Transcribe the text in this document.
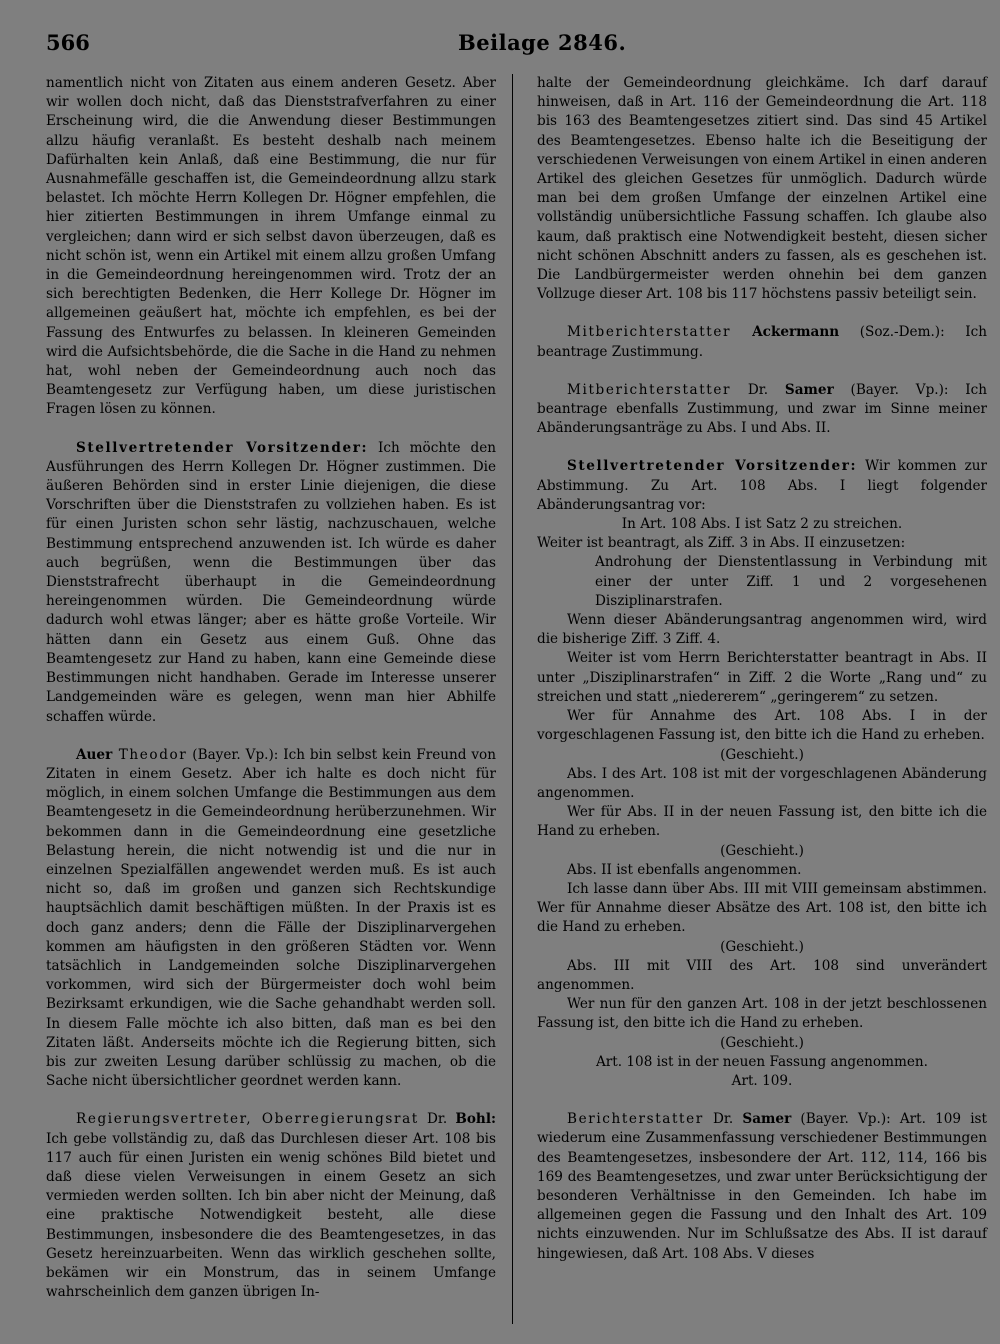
566	Beilage 2846.

namentlich nicht von Zitaten aus einem anderen Gesetz. Aber wir wollen doch nicht, daß das Dienststrafverfahren zu einer Erscheinung wird, die die Anwendung dieser Bestimmungen allzu häufig veranlaßt. Es besteht deshalb nach meinem Dafürhalten kein Anlaß, daß eine Bestimmung, die nur für Ausnahmefälle geschaffen ist, die Gemeindeordnung allzu stark belastet. Ich möchte Herrn Kollegen Dr. Högner empfehlen, die hier zitierten Bestimmungen in ihrem Umfange einmal zu vergleichen; dann wird er sich selbst davon überzeugen, daß es nicht schön ist, wenn ein Artikel mit einem allzu großen Umfang in die Gemeindeordnung hereingenommen wird. Trotz der an sich berechtigten Bedenken, die Herr Kollege Dr. Högner im allgemeinen geäußert hat, möchte ich empfehlen, es bei der Fassung des Entwurfes zu belassen. In kleineren Gemeinden wird die Aufsichtsbehörde, die die Sache in die Hand zu nehmen hat, wohl neben der Gemeindeordnung auch noch das Beamtengesetz zur Verfügung haben, um diese juristischen Fragen lösen zu können.

Stellvertretender Vorsitzender: Ich möchte den Ausführungen des Herrn Kollegen Dr. Högner zustimmen. Die äußeren Behörden sind in erster Linie diejenigen, die diese Vorschriften über die Dienststrafen zu vollziehen haben. Es ist für einen Juristen schon sehr lästig, nachzuschauen, welche Bestimmung entsprechend anzuwenden ist. Ich würde es daher auch begrüßen, wenn die Bestimmungen über das Dienststrafrecht überhaupt in die Gemeindeordnung hereingenommen würden. Die Gemeindeordnung würde dadurch wohl etwas länger; aber es hätte große Vorteile. Wir hätten dann ein Gesetz aus einem Guß. Ohne das Beamtengesetz zur Hand zu haben, kann eine Gemeinde diese Bestimmungen nicht handhaben. Gerade im Interesse unserer Landgemeinden wäre es gelegen, wenn man hier Abhilfe schaffen würde.

Auer Theodor (Bayer. Vp.): Ich bin selbst kein Freund von Zitaten in einem Gesetz. Aber ich halte es doch nicht für möglich, in einem solchen Umfange die Bestimmungen aus dem Beamtengesetz in die Gemeindeordnung herüberzunehmen. Wir bekommen dann in die Gemeindeordnung eine gesetzliche Belastung herein, die nicht notwendig ist und die nur in einzelnen Spezialfällen angewendet werden muß. Es ist auch nicht so, daß im großen und ganzen sich Rechtskundige hauptsächlich damit beschäftigen müßten. In der Praxis ist es doch ganz anders; denn die Fälle der Disziplinarvergehen kommen am häufigsten in den größeren Städten vor. Wenn tatsächlich in Landgemeinden solche Disziplinarvergehen vorkommen, wird sich der Bürgermeister doch wohl beim Bezirksamt erkundigen, wie die Sache gehandhabt werden soll. In diesem Falle möchte ich also bitten, daß man es bei den Zitaten läßt. Anderseits möchte ich die Regierung bitten, sich bis zur zweiten Lesung darüber schlüssig zu machen, ob die Sache nicht übersichtlicher geordnet werden kann.

Regierungsvertreter, Oberregierungsrat Dr. Bohl: Ich gebe vollständig zu, daß das Durchlesen dieser Art. 108 bis 117 auch für einen Juristen ein wenig schönes Bild bietet und daß diese vielen Verweisungen in einem Gesetz an sich vermieden werden sollten. Ich bin aber nicht der Meinung, daß eine praktische Notwendigkeit besteht, alle diese Bestimmungen, insbesondere die des Beamtengesetzes, in das Gesetz hereinzuarbeiten. Wenn das wirklich geschehen sollte, bekämen wir ein Monstrum, das in seinem Umfange wahrscheinlich dem ganzen übrigen In-

halte der Gemeindeordnung gleichkäme. Ich darf darauf hinweisen, daß in Art. 116 der Gemeindeordnung die Art. 118 bis 163 des Beamtengesetzes zitiert sind. Das sind 45 Artikel des Beamtengesetzes. Ebenso halte ich die Beseitigung der verschiedenen Verweisungen von einem Artikel in einen anderen Artikel des gleichen Gesetzes für unmöglich. Dadurch würde man bei dem großen Umfange der einzelnen Artikel eine vollständig unübersichtliche Fassung schaffen. Ich glaube also kaum, daß praktisch eine Notwendigkeit besteht, diesen sicher nicht schönen Abschnitt anders zu fassen, als es geschehen ist. Die Landbürgermeister werden ohnehin bei dem ganzen Vollzuge dieser Art. 108 bis 117 höchstens passiv beteiligt sein.

Mitberichterstatter Ackermann (Soz.-Dem.): Ich beantrage Zustimmung.

Mitberichterstatter Dr. Samer (Bayer. Vp.): Ich beantrage ebenfalls Zustimmung, und zwar im Sinne meiner Abänderungsanträge zu Abs. I und Abs. II.

Stellvertretender Vorsitzender: Wir kommen zur Abstimmung. Zu Art. 108 Abs. I liegt folgender Abänderungsantrag vor:

In Art. 108 Abs. I ist Satz 2 zu streichen.

Weiter ist beantragt, als Ziff. 3 in Abs. II einzusetzen:

Androhung der Dienstentlassung in Verbindung mit einer der unter Ziff. 1 und 2 vorgesehenen Disziplinarstrafen.

Wenn dieser Abänderungsantrag angenommen wird, wird die bisherige Ziff. 3 Ziff. 4.

Weiter ist vom Herrn Berichterstatter beantragt in Abs. II unter „Disziplinarstrafen“ in Ziff. 2 die Worte „Rang und“ zu streichen und statt „niedererem“ „geringerem“ zu setzen.

Wer für Annahme des Art. 108 Abs. I in der vorgeschlagenen Fassung ist, den bitte ich die Hand zu erheben.

(Geschieht.)

Abs. I des Art. 108 ist mit der vorgeschlagenen Abänderung angenommen.

Wer für Abs. II in der neuen Fassung ist, den bitte ich die Hand zu erheben.

(Geschieht.)

Abs. II ist ebenfalls angenommen.

Ich lasse dann über Abs. III mit VIII gemeinsam abstimmen. Wer für Annahme dieser Absätze des Art. 108 ist, den bitte ich die Hand zu erheben.

(Geschieht.)

Abs. III mit VIII des Art. 108 sind unverändert angenommen.

Wer nun für den ganzen Art. 108 in der jetzt beschlossenen Fassung ist, den bitte ich die Hand zu erheben.

(Geschieht.)

Art. 108 ist in der neuen Fassung angenommen.

Art. 109.

Berichterstatter Dr. Samer (Bayer. Vp.): Art. 109 ist wiederum eine Zusammenfassung verschiedener Bestimmungen des Beamtengesetzes, insbesondere der Art. 112, 114, 166 bis 169 des Beamtengesetzes, und zwar unter Berücksichtigung der besonderen Verhältnisse in den Gemeinden. Ich habe im allgemeinen gegen die Fassung und den Inhalt des Art. 109 nichts einzuwenden. Nur im Schlußsatze des Abs. II ist darauf hingewiesen, daß Art. 108 Abs. V dieses
